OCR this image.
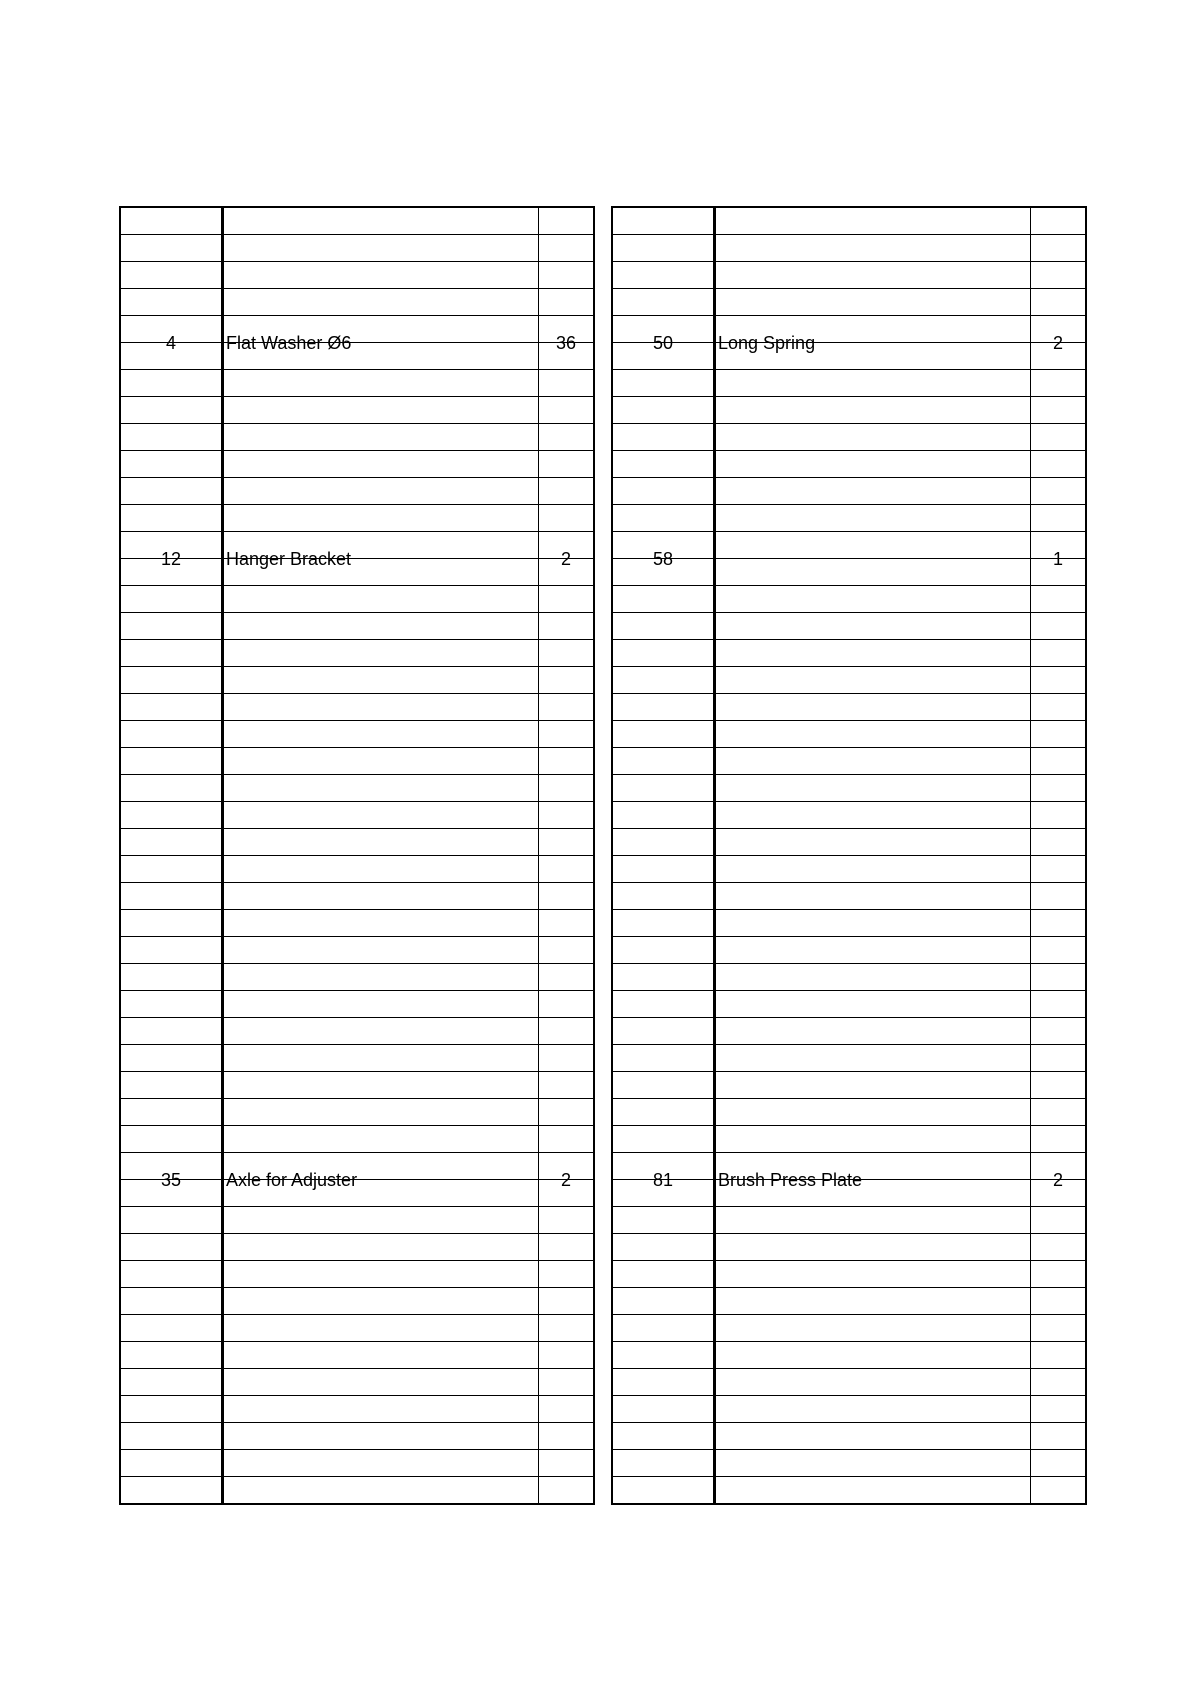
4	Flat Washer Ø6	36

12	Hanger Bracket	2

35	Axle for Adjuster	2

50	Long Spring	2

58		1

81	Brush Press Plate	2
